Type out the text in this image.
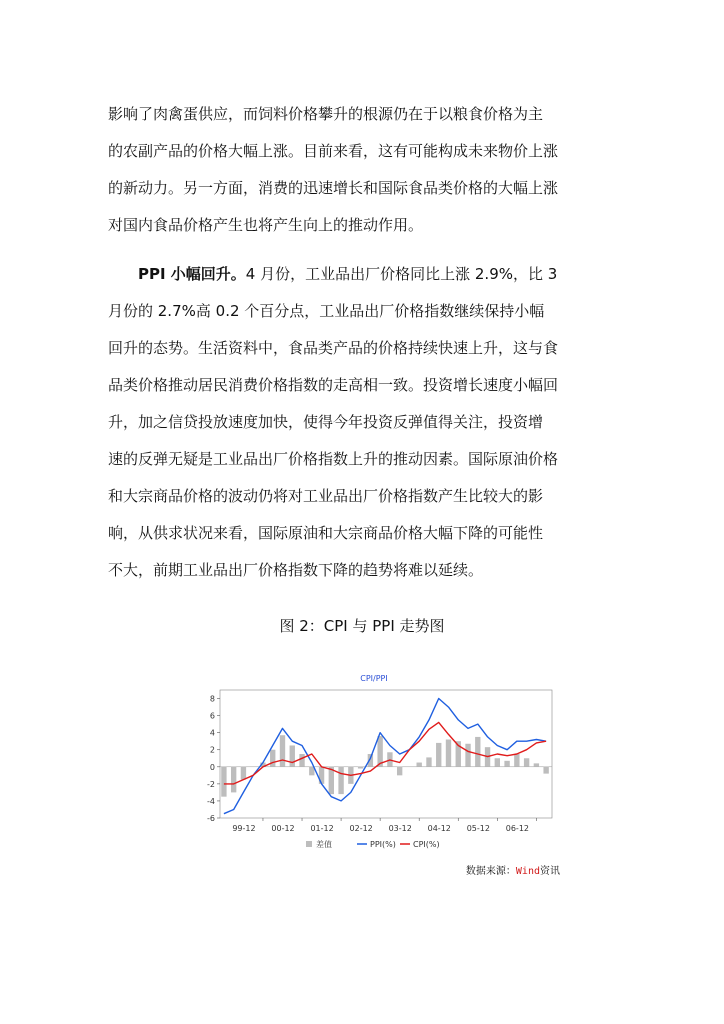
影响了肉禽蛋供应，而饲料价格攀升的根源仍在于以粮食价格为主
的农副产品的价格大幅上涨。目前来看，这有可能构成未来物价上涨
的新动力。另一方面，消费的迅速增长和国际食品类价格的大幅上涨
对国内食品价格产生也将产生向上的推动作用。
PPI 小幅回升。4 月份，工业品出厂价格同比上涨 2.9%，比 3
月份的 2.7%高 0.2 个百分点，工业品出厂价格指数继续保持小幅
回升的态势。生活资料中，食品类产品的价格持续快速上升，这与食
品类价格推动居民消费价格指数的走高相一致。投资增长速度小幅回
升，加之信贷投放速度加快，使得今年投资反弹值得关注，投资增
速的反弹无疑是工业品出厂价格指数上升的推动因素。国际原油价格
和大宗商品价格的波动仍将对工业品出厂价格指数产生比较大的影
响，从供求状况来看，国际原油和大宗商品价格大幅下降的可能性
不大，前期工业品出厂价格指数下降的趋势将难以延续。
图 2：CPI 与 PPI 走势图
CPI/PPI
-6
-4
-2
0
2
4
6
8
99-12 00-12 01-12 02-12 03-12 04-12 05-12 06-12
差值	PPI(%) CPI(%)
数据来源：Wind资讯
